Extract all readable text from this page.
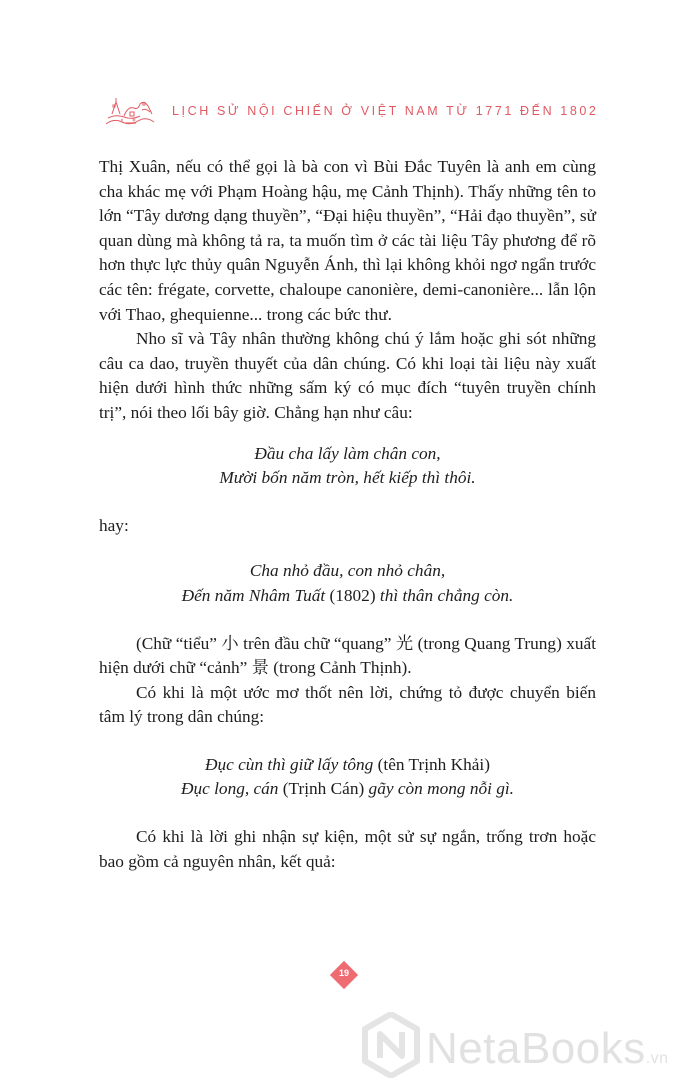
LỊCH SỬ NỘI CHIẾN Ở VIỆT NAM TỪ 1771 ĐẾN 1802

Thị Xuân, nếu có thể gọi là bà con vì Bùi Đắc Tuyên là anh em cùng cha khác mẹ với Phạm Hoàng hậu, mẹ Cảnh Thịnh). Thấy những tên to lớn “Tây dương dạng thuyền”, “Đại hiệu thuyền”, “Hải đạo thuyền”, sử quan dùng mà không tả ra, ta muốn tìm ở các tài liệu Tây phương để rõ hơn thực lực thủy quân Nguyễn Ánh, thì lại không khỏi ngơ ngẩn trước các tên: frégate, corvette, chaloupe canonière, demi-canonière... lẫn lộn với Thao, ghequienne... trong các bức thư.

Nho sĩ và Tây nhân thường không chú ý lắm hoặc ghi sót những câu ca dao, truyền thuyết của dân chúng. Có khi loại tài liệu này xuất hiện dưới hình thức những sấm ký có mục đích “tuyên truyền chính trị”, nói theo lối bây giờ. Chẳng hạn như câu:

Đầu cha lấy làm chân con,

Mười bốn năm tròn, hết kiếp thì thôi.

hay:

Cha nhỏ đầu, con nhỏ chân,

Đến năm Nhâm Tuất (1802) thì thân chẳng còn.

(Chữ “tiểu” 小 trên đầu chữ “quang” 光 (trong Quang Trung) xuất hiện dưới chữ “cảnh” 景 (trong Cảnh Thịnh).

Có khi là một ước mơ thốt nên lời, chứng tỏ được chuyển biến tâm lý trong dân chúng:

Đục cùn thì giữ lấy tông (tên Trịnh Khải)

Đục long, cán (Trịnh Cán) gãy còn mong nỗi gì.

Có khi là lời ghi nhận sự kiện, một sử sự ngắn, trống trơn hoặc bao gồm cả nguyên nhân, kết quả:

19
NetaBooks.vn
